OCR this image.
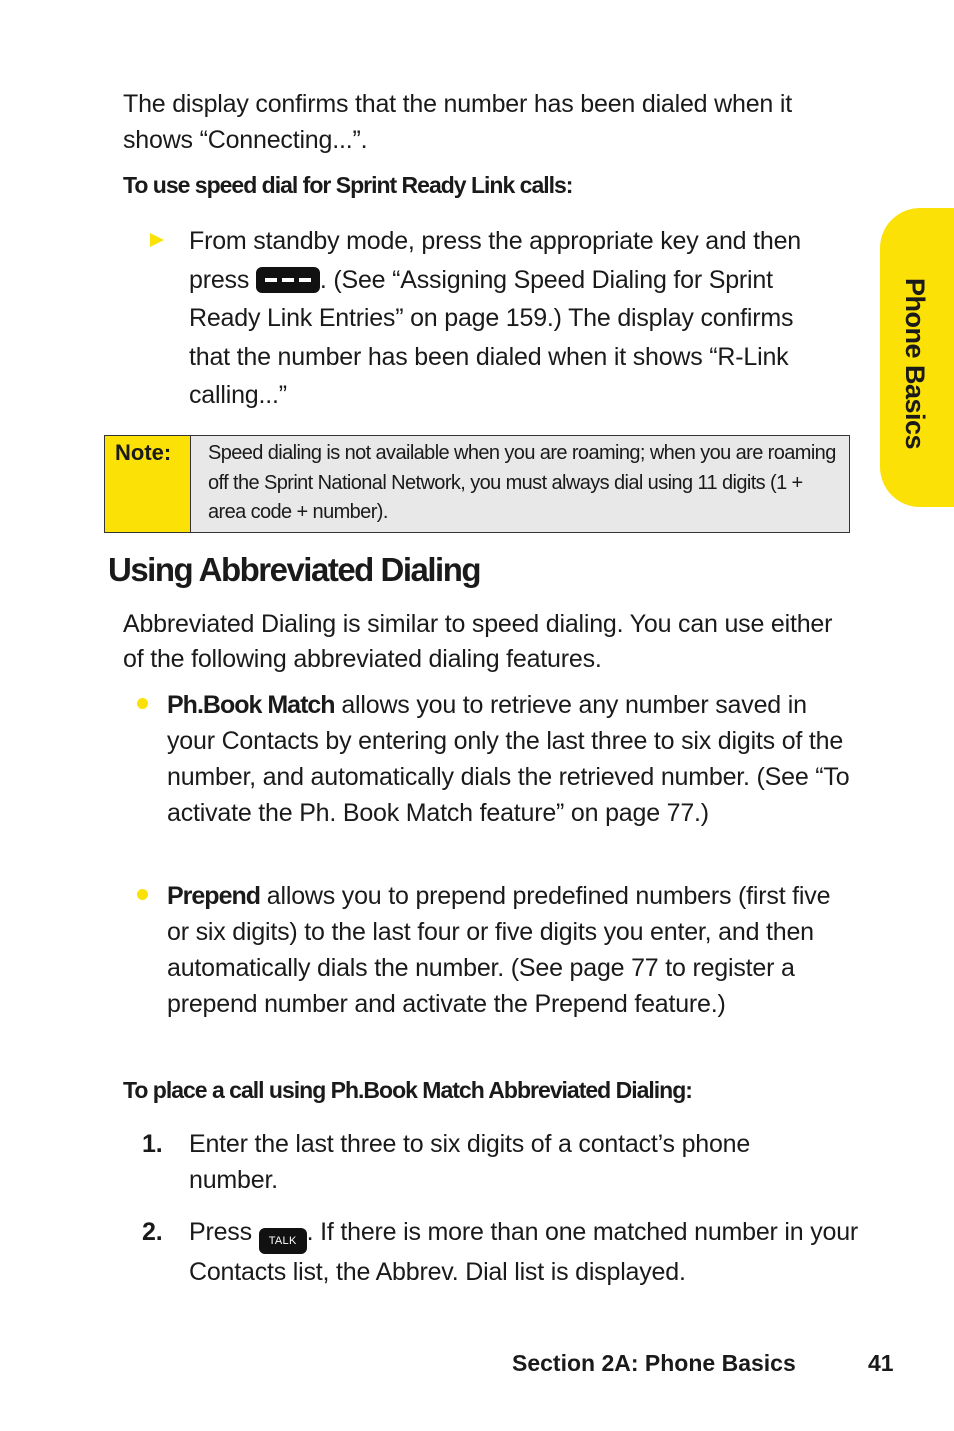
The display confirms that the number has been dialed when it shows “Connecting...”.
To use speed dial for Sprint Ready Link calls:
From standby mode, press the appropriate key and then press	. (See “Assigning Speed Dialing for Sprint Ready Link Entries” on page 159.) The display confirms that the number has been dialed when it shows “R-Link calling...”	Phone Basics
Note:	Speed dialing is not available when you are roaming; when you are roaming off the Sprint National Network, you must always dial using 11 digits (1 + area code + number).
Using Abbreviated Dialing
Abbreviated Dialing is similar to speed dialing. You can use either of the following abbreviated dialing features.
Ph.Book Match allows you to retrieve any number saved in your Contacts by entering only the last three to six digits of the number, and automatically dials the retrieved number. (See “To activate the Ph. Book Match feature” on page 77.)
Prepend allows you to prepend predefined numbers (first five or six digits) to the last four or five digits you enter, and then automatically dials the number. (See page 77 to register a prepend number and activate the Prepend feature.)
To place a call using Ph.Book Match Abbreviated Dialing:
1. Enter the last three to six digits of a contact’s phone number.
2. Press TALK . If there is more than one matched number in your Contacts list, the Abbrev. Dial list is displayed.
Section 2A: Phone Basics	41
